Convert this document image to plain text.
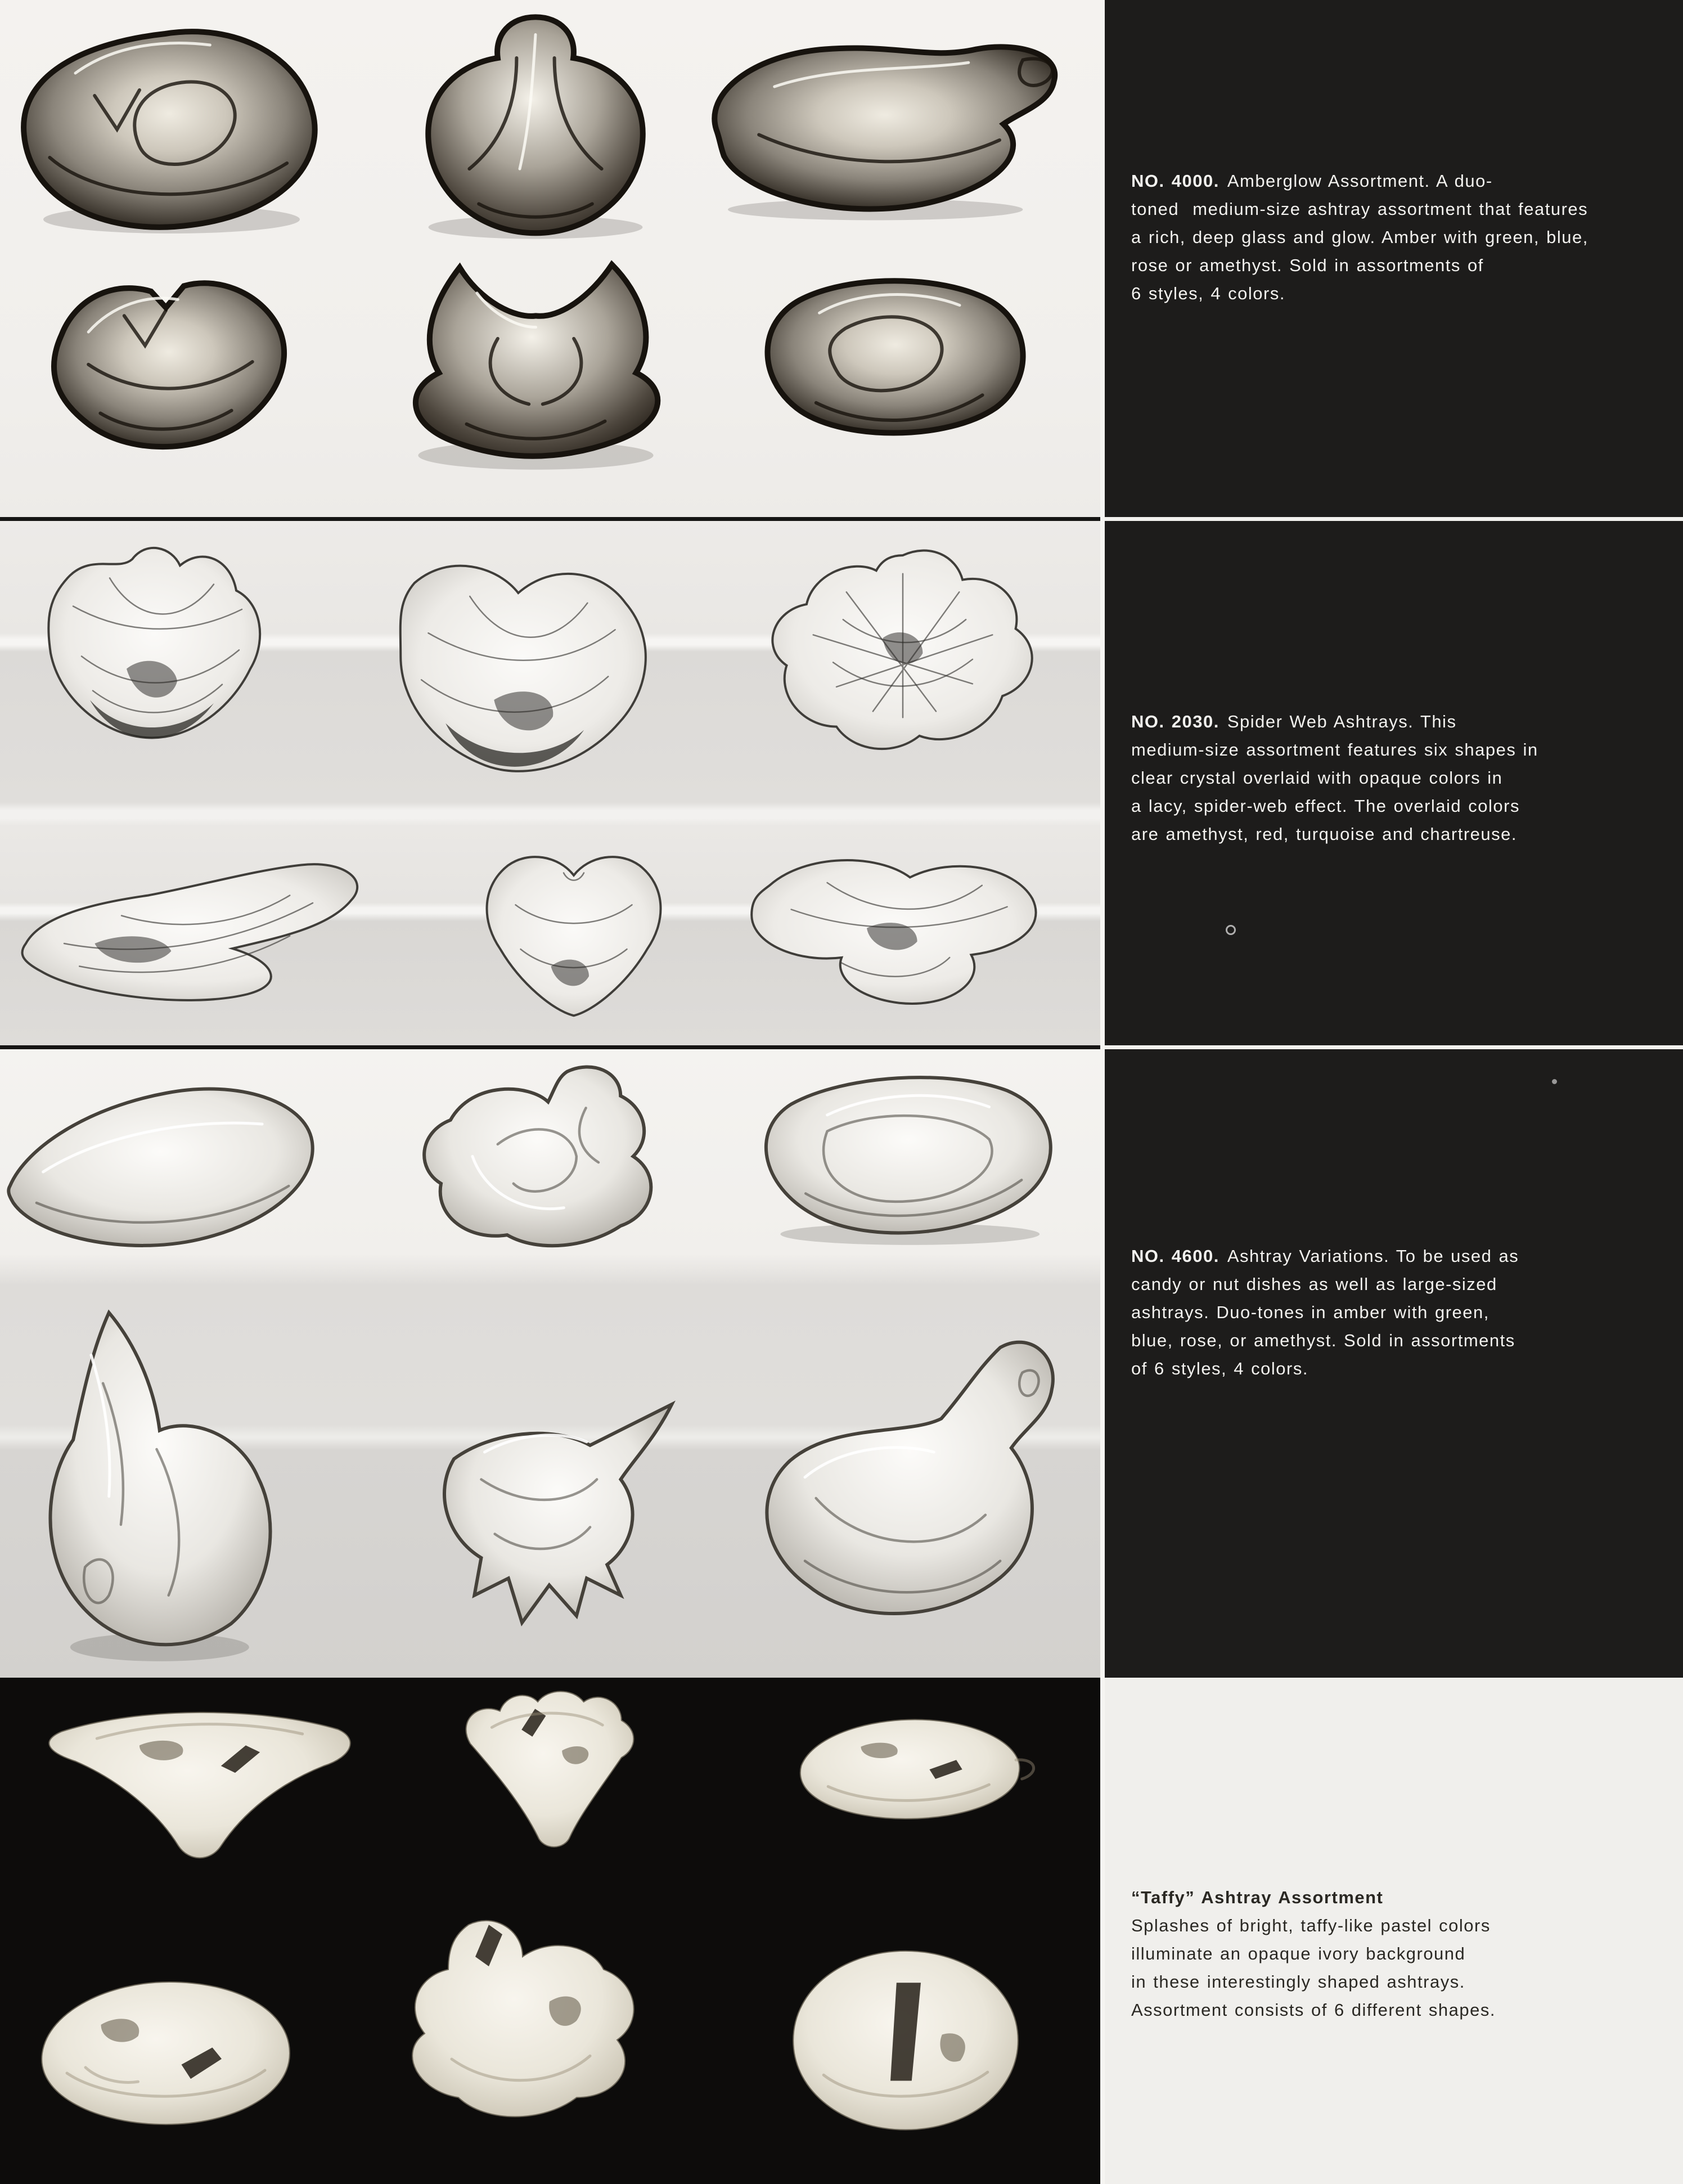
NO. 4000. Amberglow Assortment. A duo-
toned  medium-size ashtray assortment that features
a rich, deep glass and glow. Amber with green, blue,
rose or amethyst. Sold in assortments of
6 styles, 4 colors.

NO. 2030. Spider Web Ashtrays. This
medium-size assortment features six shapes in
clear crystal overlaid with opaque colors in
a lacy, spider-web effect. The overlaid colors
are amethyst, red, turquoise and chartreuse.

NO. 4600. Ashtray Variations. To be used as
candy or nut dishes as well as large-sized
ashtrays. Duo-tones in amber with green,
blue, rose, or amethyst. Sold in assortments
of 6 styles, 4 colors.

“Taffy” Ashtray Assortment
Splashes of bright, taffy-like pastel colors
illuminate an opaque ivory background
in these interestingly shaped ashtrays.
Assortment consists of 6 different shapes.
